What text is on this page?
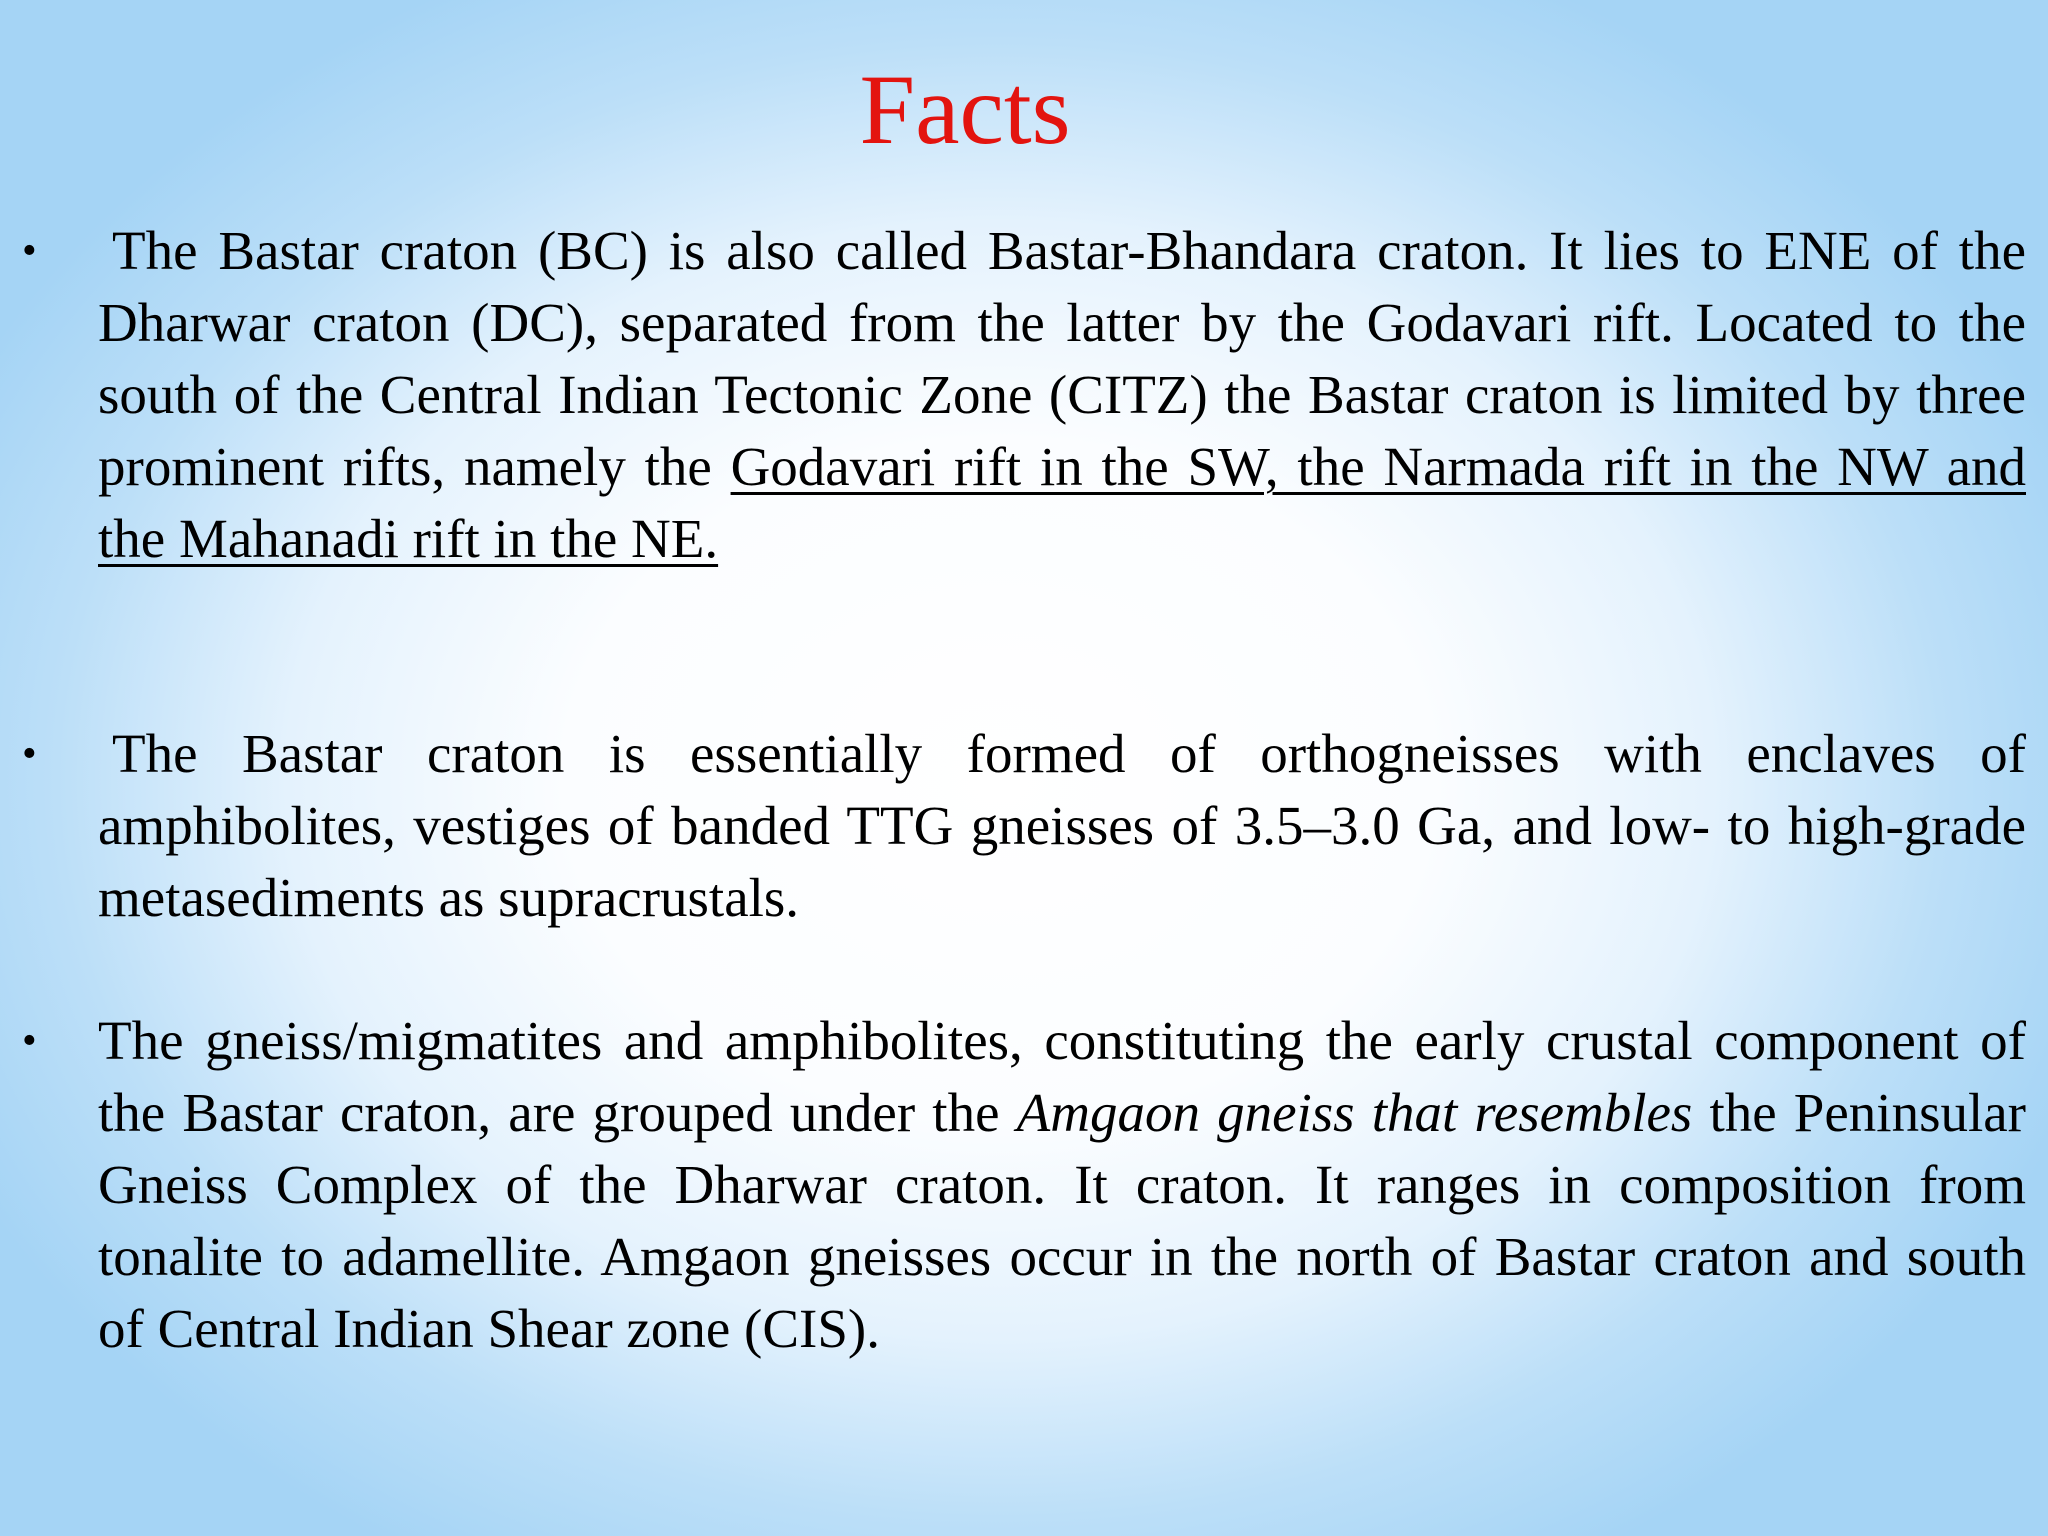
Facts
• The Bastar craton (BC) is also called Bastar-Bhandara craton. It lies to ENE of the Dharwar craton (DC), separated from the latter by the Godavari rift. Located to the south of the Central Indian Tectonic Zone (CITZ) the Bastar craton is limited by three prominent rifts, namely the Godavari rift in the SW, the Narmada rift in the NW and the Mahanadi rift in the NE.

• The Bastar craton is essentially formed of orthogneisses with enclaves of amphibolites, vestiges of banded TTG gneisses of 3.5–3.0 Ga, and low- to high-grade metasediments as supracrustals.

• The gneiss/migmatites and amphibolites, constituting the early crustal component of the Bastar craton, are grouped under the Amgaon gneiss that resembles the Peninsular Gneiss Complex of the Dharwar craton. It craton. It ranges in composition from tonalite to adamellite. Amgaon gneisses occur in the north of Bastar craton and south of Central Indian Shear zone (CIS).
